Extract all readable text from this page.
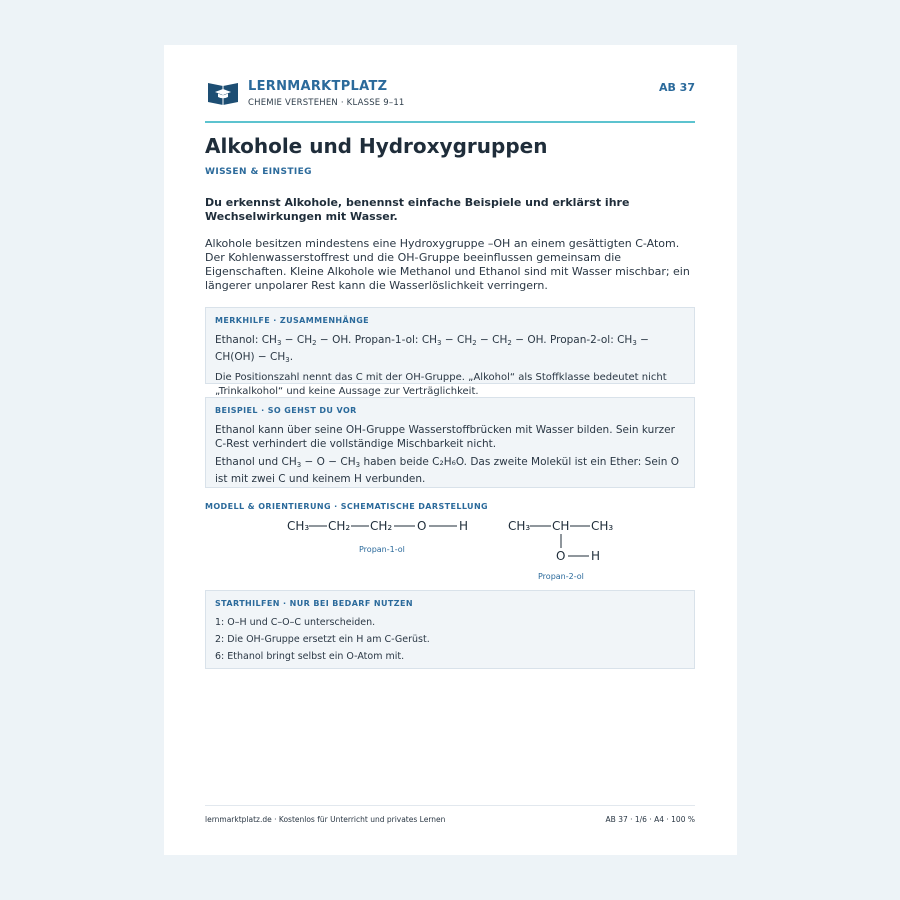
LERNMARKTPLATZ
CHEMIE VERSTEHEN · KLASSE 9–11
AB 37
Alkohole und Hydroxygruppen
WISSEN & EINSTIEG
Du erkennst Alkohole, benennst einfache Beispiele und erklärst ihre Wechselwirkungen mit Wasser.
Alkohole besitzen mindestens eine Hydroxygruppe –OH an einem gesättigten C-Atom. Der Kohlenwasserstoffrest und die OH-Gruppe beeinflussen gemeinsam die Eigenschaften. Kleine Alkohole wie Methanol und Ethanol sind mit Wasser mischbar; ein längerer unpolarer Rest kann die Wasserlöslichkeit verringern.
MERKHILFE · ZUSAMMENHÄNGE
Ethanol: $CH_3 - CH_2$ − OH. Propan-1-ol: $CH_3 - CH_2 - CH_2$ − OH. Propan-2-ol: $CH_3 - CH(OH) - CH_3$.
Die Positionszahl nennt das C mit der OH-Gruppe. „Alkohol“ als Stoffklasse bedeutet nicht „Trinkalkohol“ und keine Aussage zur Verträglichkeit.
BEISPIEL · SO GEHST DU VOR
Ethanol kann über seine OH-Gruppe Wasserstoffbrücken mit Wasser bilden. Sein kurzer C-Rest verhindert die vollständige Mischbarkeit nicht.
Ethanol und $CH_3 - O - CH_3$ haben beide C₂H₆O. Das zweite Molekül ist ein Ether: Sein O ist mit zwei C und keinem H verbunden.
MODELL & ORIENTIERUNG · SCHEMATISCHE DARSTELLUNG
CH₃ CH₂ CH₂ O	H
Propan-1-ol
CH₃ CH CH₃
O H
Propan-2-ol
STARTHILFEN · NUR BEI BEDARF NUTZEN
1: O–H und C–O–C unterscheiden.
2: Die OH-Gruppe ersetzt ein H am C-Gerüst.
6: Ethanol bringt selbst ein O-Atom mit.
lernmarktplatz.de · Kostenlos für Unterricht und privates Lernen	AB 37 · 1/6 · A4 · 100 %
